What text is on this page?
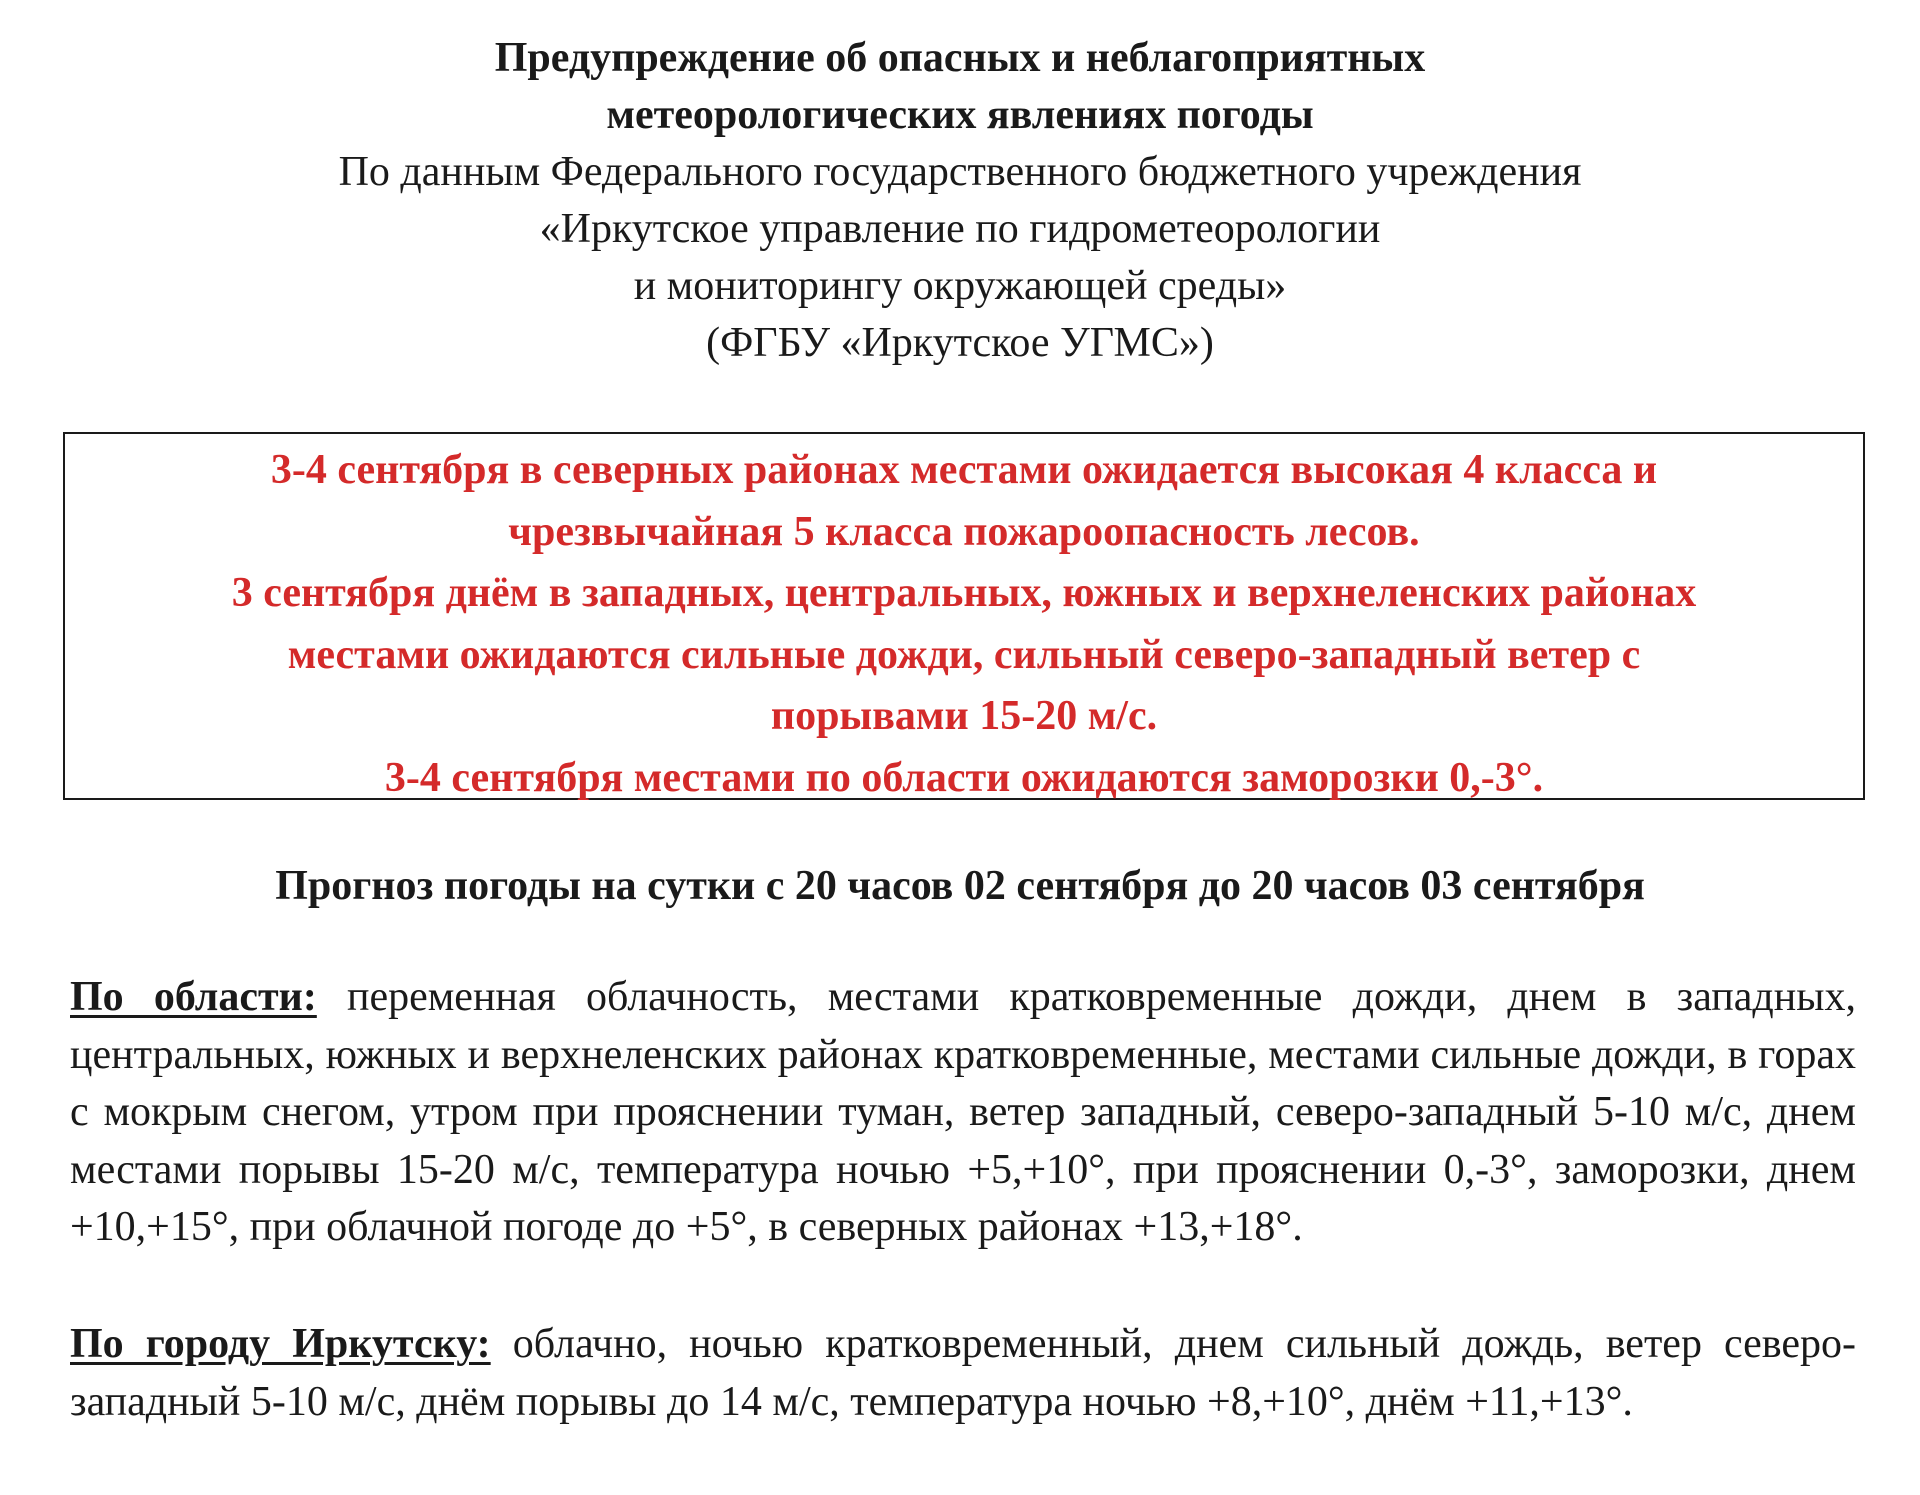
Предупреждение об опасных и неблагоприятных
метеорологических явлениях погоды
По данным Федерального государственного бюджетного учреждения
«Иркутское управление по гидрометеорологии
и мониторингу окружающей среды»
(ФГБУ «Иркутское УГМС»)
3-4 сентября в северных районах местами ожидается высокая 4 класса и
чрезвычайная 5 класса пожароопасность лесов.
3 сентября днём в западных, центральных, южных и верхнеленских районах
местами ожидаются сильные дожди, сильный северо-западный ветер с
порывами 15-20 м/с.
3-4 сентября местами по области ожидаются заморозки 0,-3°.
Прогноз погоды на сутки с 20 часов 02 сентября до 20 часов 03 сентября
По области: переменная облачность, местами кратковременные дожди, днем в западных, центральных, южных и верхнеленских районах кратковременные, местами сильные дожди, в горах с мокрым снегом, утром при прояснении туман, ветер западный, северо-западный 5-10 м/с, днем местами порывы 15-20 м/с, температура ночью +5,+10°, при прояснении 0,-3°, заморозки, днем +10,+15°, при облачной погоде до +5°, в северных районах +13,+18°.
По городу Иркутску: облачно, ночью кратковременный, днем сильный дождь, ветер северо-западный 5-10 м/с, днём порывы до 14 м/с, температура ночью +8,+10°, днём +11,+13°.
